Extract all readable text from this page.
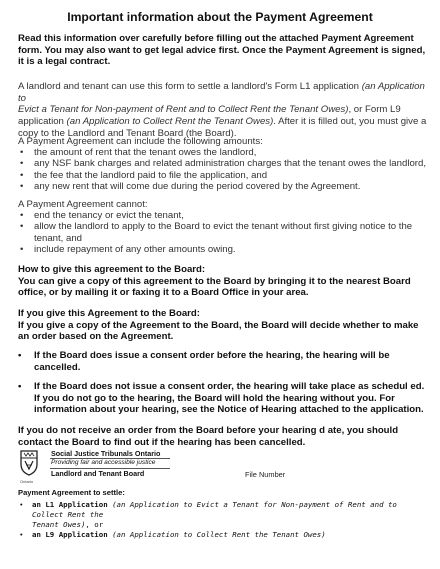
Important information about the Payment Agreement
Read this information over carefully before filling out the attached Payment Agreement
form. You may also want to get legal advice first. Once the Payment Agreement is signed,
it is a legal contract.
A landlord and tenant can use this form to settle a landlord's Form L1 application (an Application to
Evict a Tenant for Non-payment of Rent and to Collect Rent the Tenant Owes), or Form L9
application (an Application to Collect Rent the Tenant Owes). After it is filled out, you must give a
copy to the Landlord and Tenant Board (the Board).
A Payment Agreement can include the following amounts:
• the amount of rent that the tenant owes the landlord,
• any NSF bank charges and related administration charges that the tenant owes the landlord,
• the fee that the landlord paid to file the application, and
• any new rent that will come due during the period covered by the Agreement.
A Payment Agreement cannot:
• end the tenancy or evict the tenant,
• allow the landlord to apply to the Board to evict the tenant without first giving notice to the
tenant, and
• include repayment of any other amounts owing.
How to give this agreement to the Board:
You can give a copy of this agreement to the Board by bringing it to the nearest Board
office, or by mailing it or faxing it to a Board Office in your area.
If you give this Agreement to the Board:
If you give a copy of the Agreement to the Board, the Board will decide whether to make
an order based on the Agreement.
• If the Board does issue a consent order before the hearing, the hearing will be
cancelled.
• If the Board does not issue a consent order, the hearing will take place as schedul ed.
If you do not go to the hearing, the Board will hold the hearing without you. For
information about your hearing, see the Notice of Hearing attached to the application.
If you do not receive an order from the Board before your hearing d ate, you should
contact the Board to find out if the hearing has been cancelled.
Ontario
Social Justice Tribunals Ontario
Providing fair and accessible justice
Landlord and Tenant Board	File Number
Payment Agreement to settle:
• an L1 Application (an Application to Evict a Tenant for Non-payment of Rent and to Collect Rent the
Tenant Owes), or
• an L9 Application (an Application to Collect Rent the Tenant Owes)
